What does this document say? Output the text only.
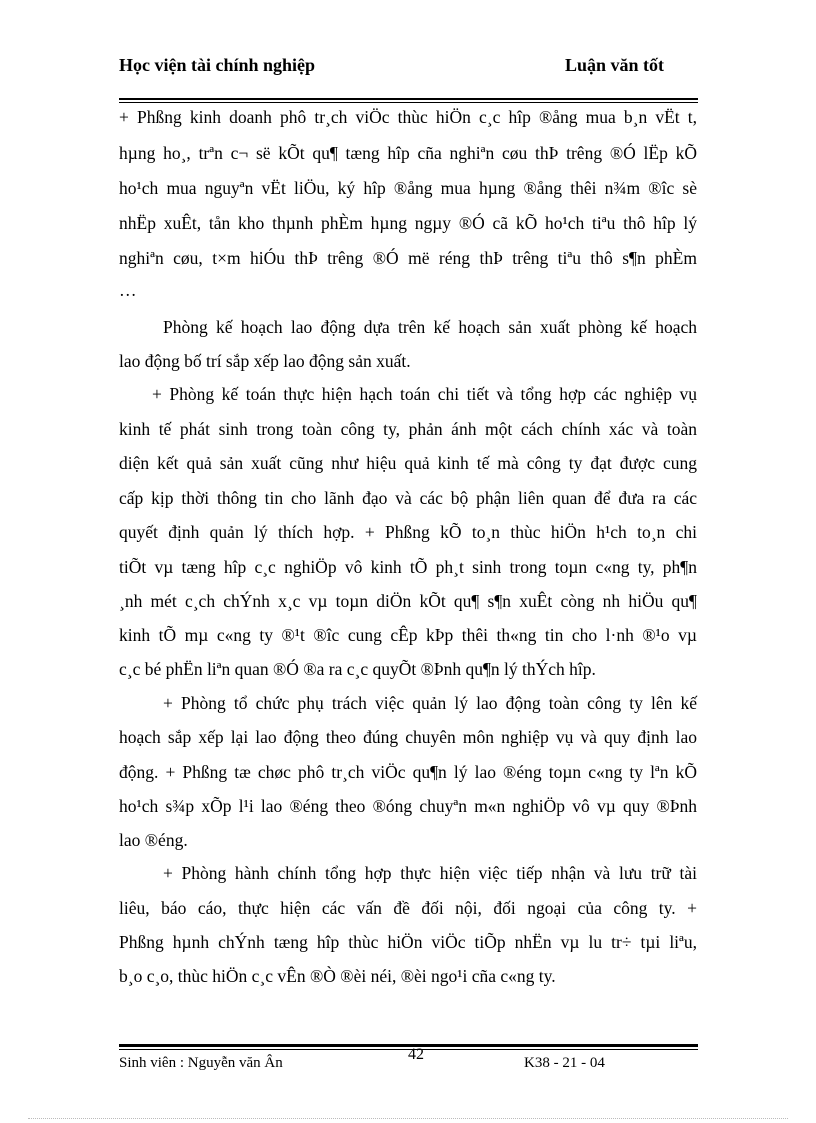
Học viện tài chính nghiệp	Luận văn tốt
+ Phßng kinh doanh phô tr¸ch viÖc thùc hiÖn c¸c hîp ®ång mua b¸n vËt t,
hµng ho¸, trªn c¬ së kÕt qu¶ tæng hîp cña nghiªn cøu thÞ trêng ®Ó lËp kÕ
ho¹ch mua nguyªn vËt liÖu, ký hîp ®ång mua hµng ®ång thêi n¾m ®îc sè
nhËp xuÊt, tån kho thµnh phÈm hµng ngµy ®Ó cã kÕ ho¹ch tiªu thô hîp lý
nghiªn cøu, t×m hiÓu thÞ trêng ®Ó më réng thÞ trêng tiªu thô s¶n phÈm
…
Phòng kế hoạch lao động dựa trên kế hoạch sản xuất phòng kế hoạch
lao động bố trí sắp xếp lao động sản xuất.
+ Phòng kế toán thực hiện hạch toán chi tiết và tổng hợp các nghiệp vụ
kinh tế phát sinh trong toàn công ty, phản ánh một cách chính xác và toàn
diện kết quả sản xuất cũng như hiệu quả kinh tế mà công ty đạt được cung
cấp kịp thời thông tin cho lãnh đạo và các bộ phận liên quan để đưa ra các
quyết định quản lý thích hợp. + Phßng kÕ to¸n thùc hiÖn h¹ch to¸n chi
tiÕt vµ tæng hîp c¸c nghiÖp vô kinh tÕ ph¸t sinh trong toµn c«ng ty, ph¶n
¸nh mét c¸ch chÝnh x¸c vµ toµn diÖn kÕt qu¶ s¶n xuÊt còng nh hiÖu qu¶
kinh tÕ mµ c«ng ty ®¹t ®îc cung cÊp kÞp thêi th«ng tin cho l·nh ®¹o vµ
c¸c bé phËn liªn quan ®Ó ®a ra c¸c quyÕt ®Þnh qu¶n lý thÝch hîp.
+ Phòng tổ chức phụ trách việc quản lý lao động toàn công ty lên kế
hoạch sắp xếp lại lao động theo đúng chuyên môn nghiệp vụ và quy định lao
động. + Phßng tæ chøc phô tr¸ch viÖc qu¶n lý lao ®éng toµn c«ng ty lªn kÕ
ho¹ch s¾p xÕp l¹i lao ®éng theo ®óng chuyªn m«n nghiÖp vô vµ quy ®Þnh
lao ®éng.
+ Phòng hành chính tổng hợp thực hiện việc tiếp nhận và lưu trữ tài
liêu, báo cáo, thực hiện các vấn đề đối nội, đối ngoại của công ty. +
Phßng hµnh chÝnh tæng hîp thùc hiÖn viÖc tiÕp nhËn vµ lu tr÷ tµi liªu,
b¸o c¸o, thùc hiÖn c¸c vÊn ®Ò ®èi néi, ®èi ngo¹i cña c«ng ty.
Sinh viên : Nguyễn văn Ân	42	K38 - 21 - 04
